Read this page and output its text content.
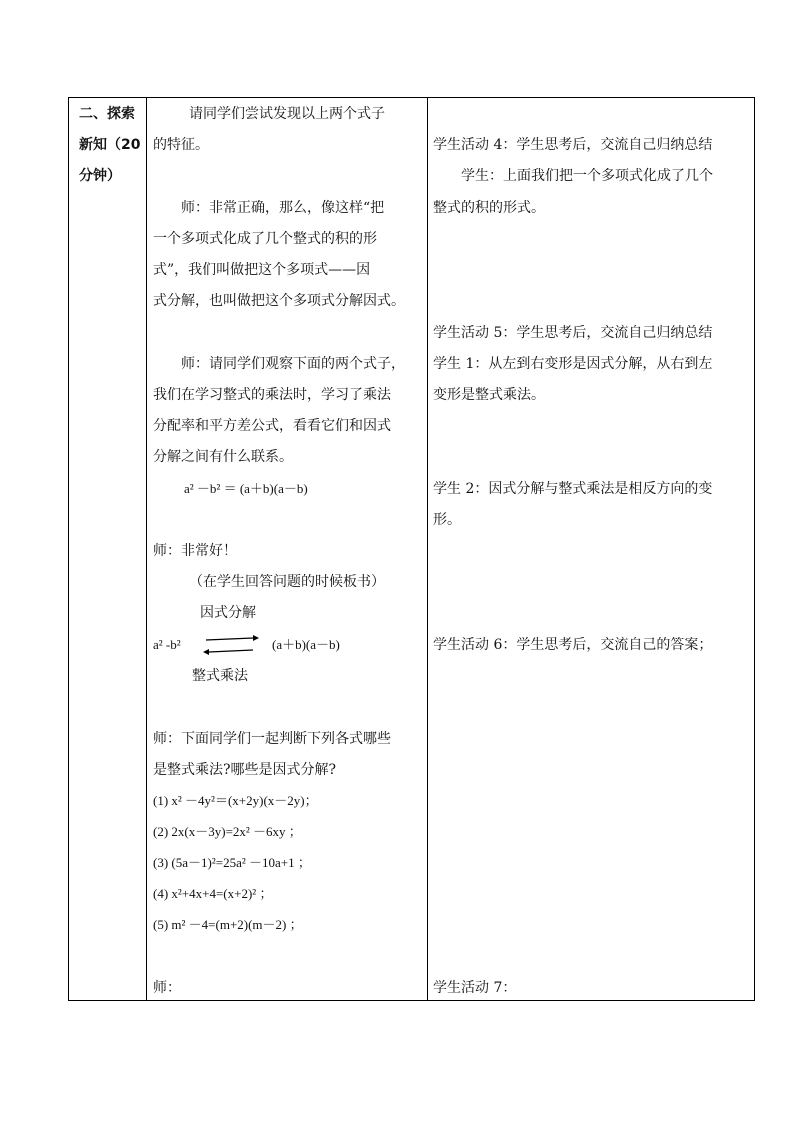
二、探索
新知（20
分钟）
请同学们尝试发现以上两个式子
的特征。
师：非常正确，那么，像这样“把
一个多项式化成了几个整式的积的形
式”，我们叫做把这个多项式——因
式分解，也叫做把这个多项式分解因式。
师：请同学们观察下面的两个式子，
我们在学习整式的乘法时，学习了乘法
分配率和平方差公式，看看它们和因式
分解之间有什么联系。
a² －b² ＝ (a＋b)(a－b)
师：非常好！
（在学生回答问题的时候板书）
因式分解
a² -b²	(a＋b)(a－b)
整式乘法
师：下面同学们一起判断下列各式哪些
是整式乘法?哪些是因式分解?
(1) x² －4y²＝(x+2y)(x－2y)；
(2) 2x(x－3y)=2x² －6xy ；
(3) (5a－1)²=25a² －10a+1 ；
(4) x²+4x+4=(x+2)² ；
(5) m² －4=(m+2)(m－2) ；
师：
学生活动 4：学生思考后，交流自己归纳总结
学生：上面我们把一个多项式化成了几个
整式的积的形式。
学生活动 5：学生思考后，交流自己归纳总结
学生 1：从左到右变形是因式分解，从右到左
变形是整式乘法。
学生 2：因式分解与整式乘法是相反方向的变
形。
学生活动 6：学生思考后，交流自己的答案；
学生活动 7：
